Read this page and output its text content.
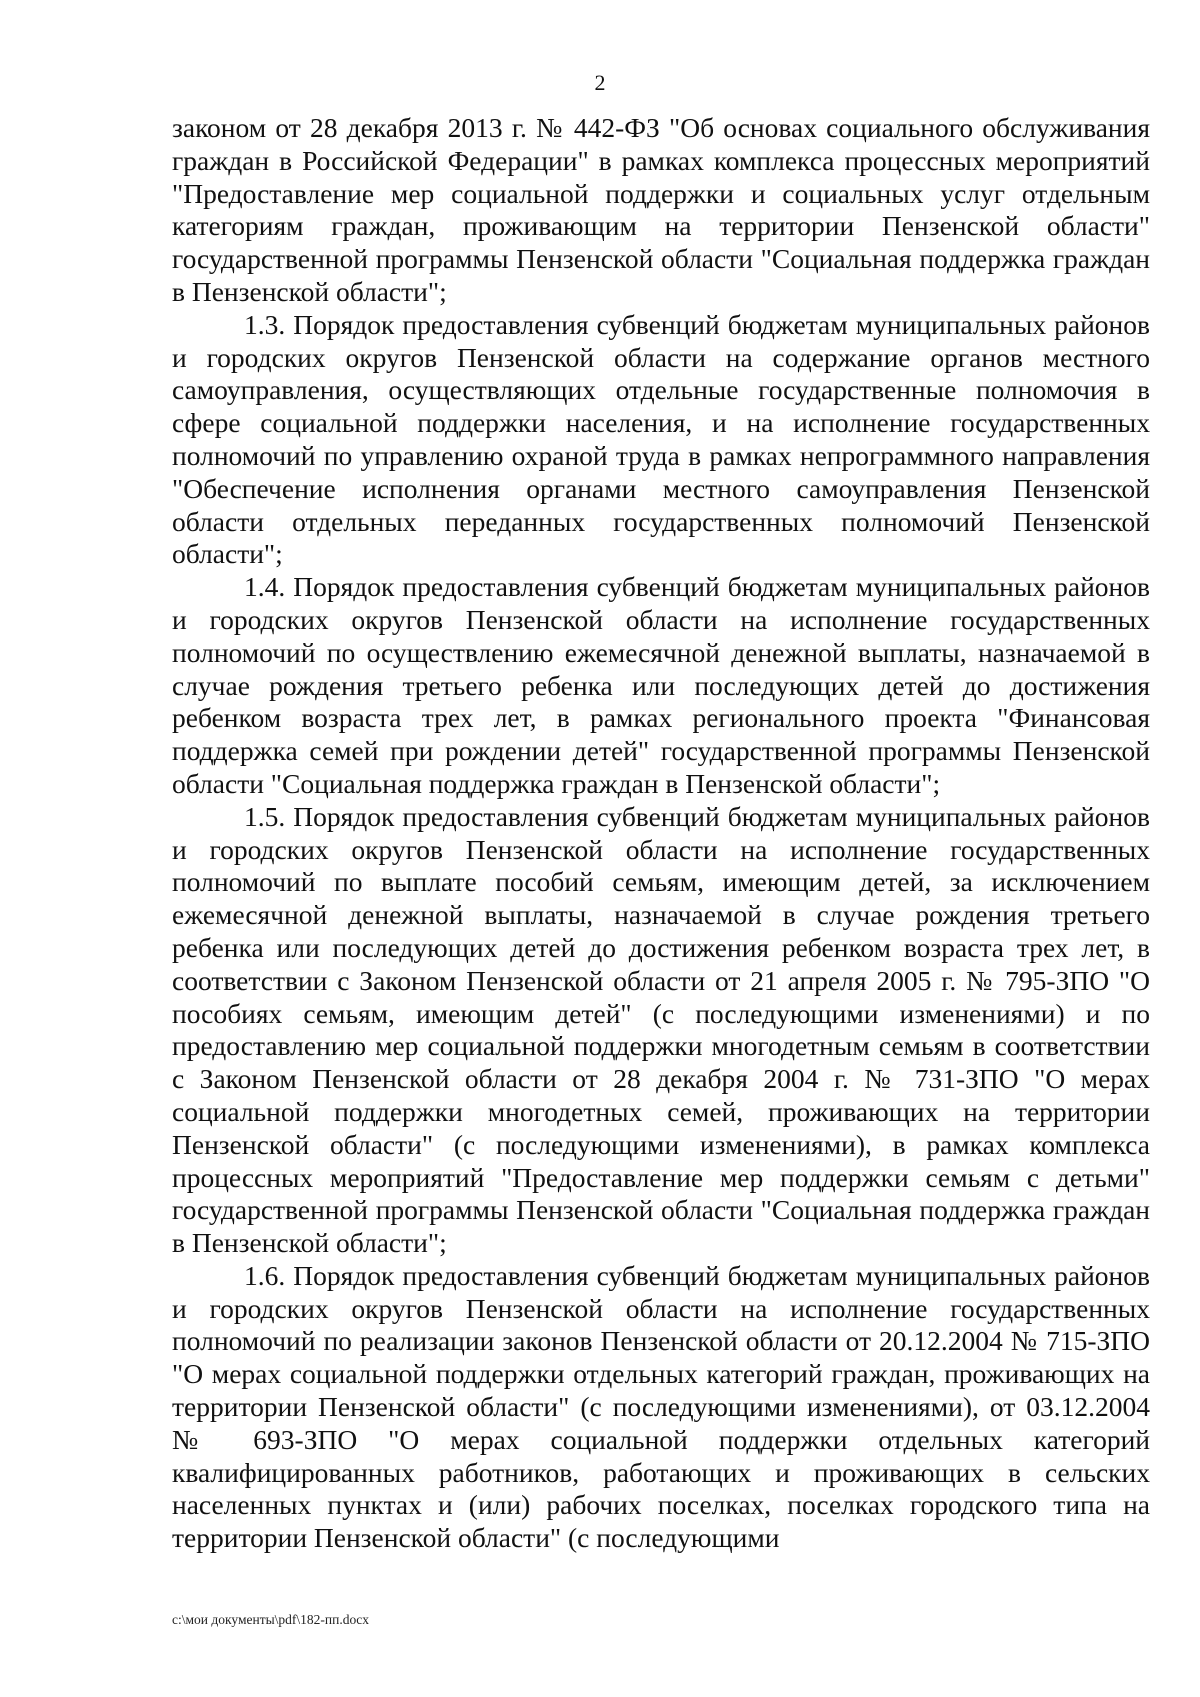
2

законом от 28 декабря 2013 г. № 442-ФЗ "Об основах социального обслуживания граждан в Российской Федерации" в рамках комплекса процессных мероприятий "Предоставление мер социальной поддержки и социальных услуг отдельным категориям граждан, проживающим на территории Пензенской области" государственной программы Пензенской области "Социальная поддержка граждан в Пензенской области";

1.3. Порядок предоставления субвенций бюджетам муниципальных районов и городских округов Пензенской области на содержание органов местного самоуправления, осуществляющих отдельные государственные полномочия в сфере социальной поддержки населения, и на исполнение государственных полномочий по управлению охраной труда в рамках непрограммного направления "Обеспечение исполнения органами местного самоуправления Пензенской области отдельных переданных государственных полномочий Пензенской области";

1.4. Порядок предоставления субвенций бюджетам муниципальных районов и городских округов Пензенской области на исполнение государственных полномочий по осуществлению ежемесячной денежной выплаты, назначаемой в случае рождения третьего ребенка или последующих детей до достижения ребенком возраста трех лет, в рамках регионального проекта "Финансовая поддержка семей при рождении детей" государственной программы Пензенской области "Социальная поддержка граждан в Пензенской области";

1.5. Порядок предоставления субвенций бюджетам муниципальных районов и городских округов Пензенской области на исполнение государственных полномочий по выплате пособий семьям, имеющим детей, за исключением ежемесячной денежной выплаты, назначаемой в случае рождения третьего ребенка или последующих детей до достижения ребенком возраста трех лет, в соответствии с Законом Пензенской области от 21 апреля 2005 г. № 795-ЗПО "О пособиях семьям, имеющим детей" (с последующими изменениями) и по предоставлению мер социальной поддержки многодетным семьям в соответствии с Законом Пензенской области от 28 декабря 2004 г. № 731-ЗПО "О мерах социальной поддержки многодетных семей, проживающих на территории Пензенской области" (с последующими изменениями), в рамках комплекса процессных мероприятий "Предоставление мер поддержки семьям с детьми" государственной программы Пензенской области "Социальная поддержка граждан в Пензенской области";

1.6. Порядок предоставления субвенций бюджетам муниципальных районов и городских округов Пензенской области на исполнение государственных полномочий по реализации законов Пензенской области от 20.12.2004 № 715-ЗПО "О мерах социальной поддержки отдельных категорий граждан, проживающих на территории Пензенской области" (с последующими изменениями), от 03.12.2004 № 693-ЗПО "О мерах социальной поддержки отдельных категорий квалифицированных работников, работающих и проживающих в сельских населенных пунктах и (или) рабочих поселках, поселках городского типа на территории Пензенской области" (с последующими

c:\мои документы\pdf\182-пп.docx
